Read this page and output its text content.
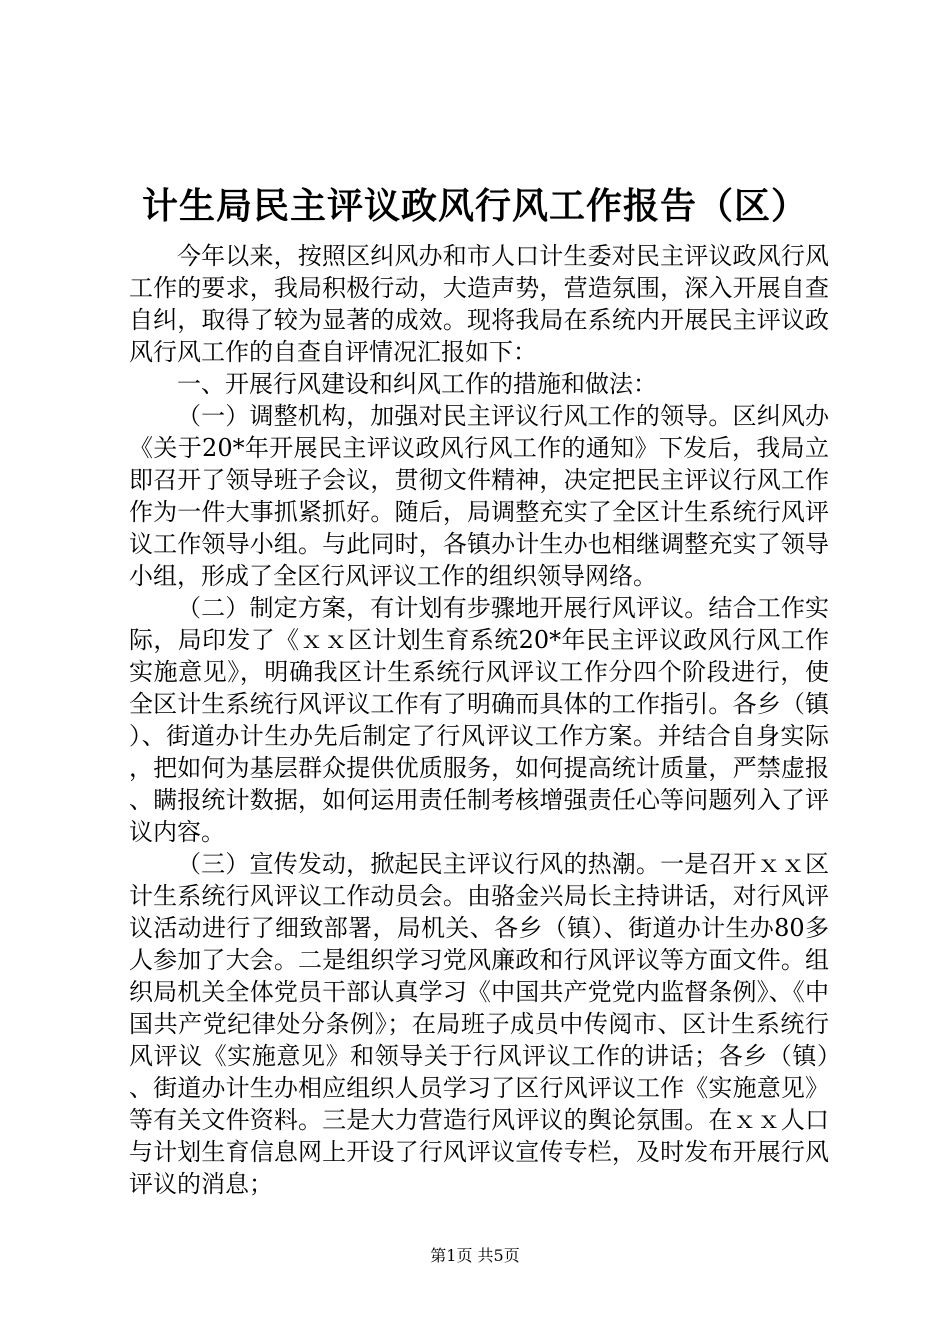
计生局民主评议政风行风工作报告（区）

今年以来，按照区纠风办和市人口计生委对民主评议政风行风工作的要求，我局积极行动，大造声势，营造氛围，深入开展自查自纠，取得了较为显著的成效。现将我局在系统内开展民主评议政风行风工作的自查自评情况汇报如下：

一、开展行风建设和纠风工作的措施和做法：

（一）调整机构，加强对民主评议行风工作的领导。区纠风办《关于20*年开展民主评议政风行风工作的通知》下发后，我局立即召开了领导班子会议，贯彻文件精神，决定把民主评议行风工作作为一件大事抓紧抓好。随后，局调整充实了全区计生系统行风评议工作领导小组。与此同时，各镇办计生办也相继调整充实了领导小组，形成了全区行风评议工作的组织领导网络。

（二）制定方案，有计划有步骤地开展行风评议。结合工作实际，局印发了《ｘｘ区计划生育系统20*年民主评议政风行风工作实施意见》，明确我区计生系统行风评议工作分四个阶段进行，使全区计生系统行风评议工作有了明确而具体的工作指引。各乡（镇）、街道办计生办先后制定了行风评议工作方案。并结合自身实际，把如何为基层群众提供优质服务，如何提高统计质量，严禁虚报、瞒报统计数据，如何运用责任制考核增强责任心等问题列入了评议内容。

（三）宣传发动，掀起民主评议行风的热潮。一是召开ｘｘ区计生系统行风评议工作动员会。由骆金兴局长主持讲话，对行风评议活动进行了细致部署，局机关、各乡（镇）、街道办计生办80多人参加了大会。二是组织学习党风廉政和行风评议等方面文件。组织局机关全体党员干部认真学习《中国共产党党内监督条例》、《中国共产党纪律处分条例》；在局班子成员中传阅市、区计生系统行风评议《实施意见》和领导关于行风评议工作的讲话；各乡（镇）、街道办计生办相应组织人员学习了区行风评议工作《实施意见》等有关文件资料。三是大力营造行风评议的舆论氛围。在ｘｘ人口与计划生育信息网上开设了行风评议宣传专栏，及时发布开展行风评议的消息；

第1页 共5页
